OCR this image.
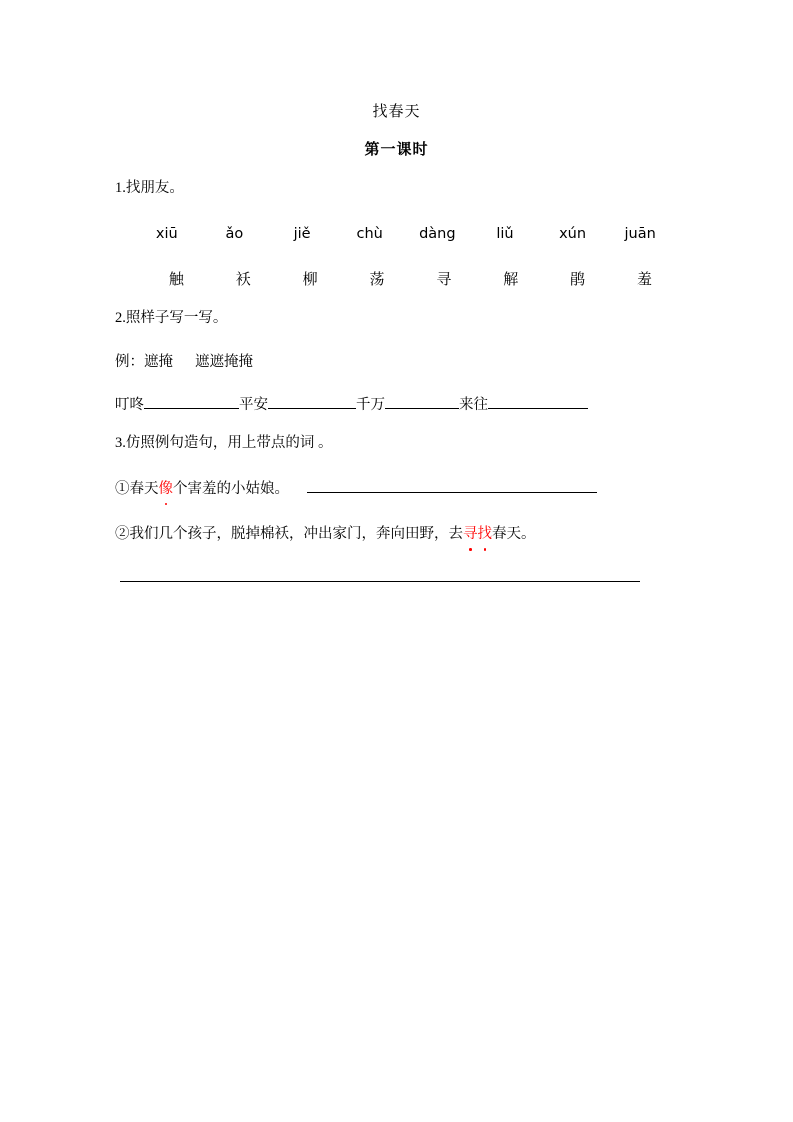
找春天
第一课时
1.找朋友。
xiū	ǎo	jiě	chù	dàng	liǔ	xún	juān
触	袄	柳	荡	寻	解	鹃	羞
2.照样子写一写。
例：遮掩 遮遮掩掩
叮咚	平安	千万	来往
3.仿照例句造句，用上带点的词 。
①春天像个害羞的小姑娘。
②我们几个孩子，脱掉棉袄，冲出家门，奔向田野，去寻找春天。
